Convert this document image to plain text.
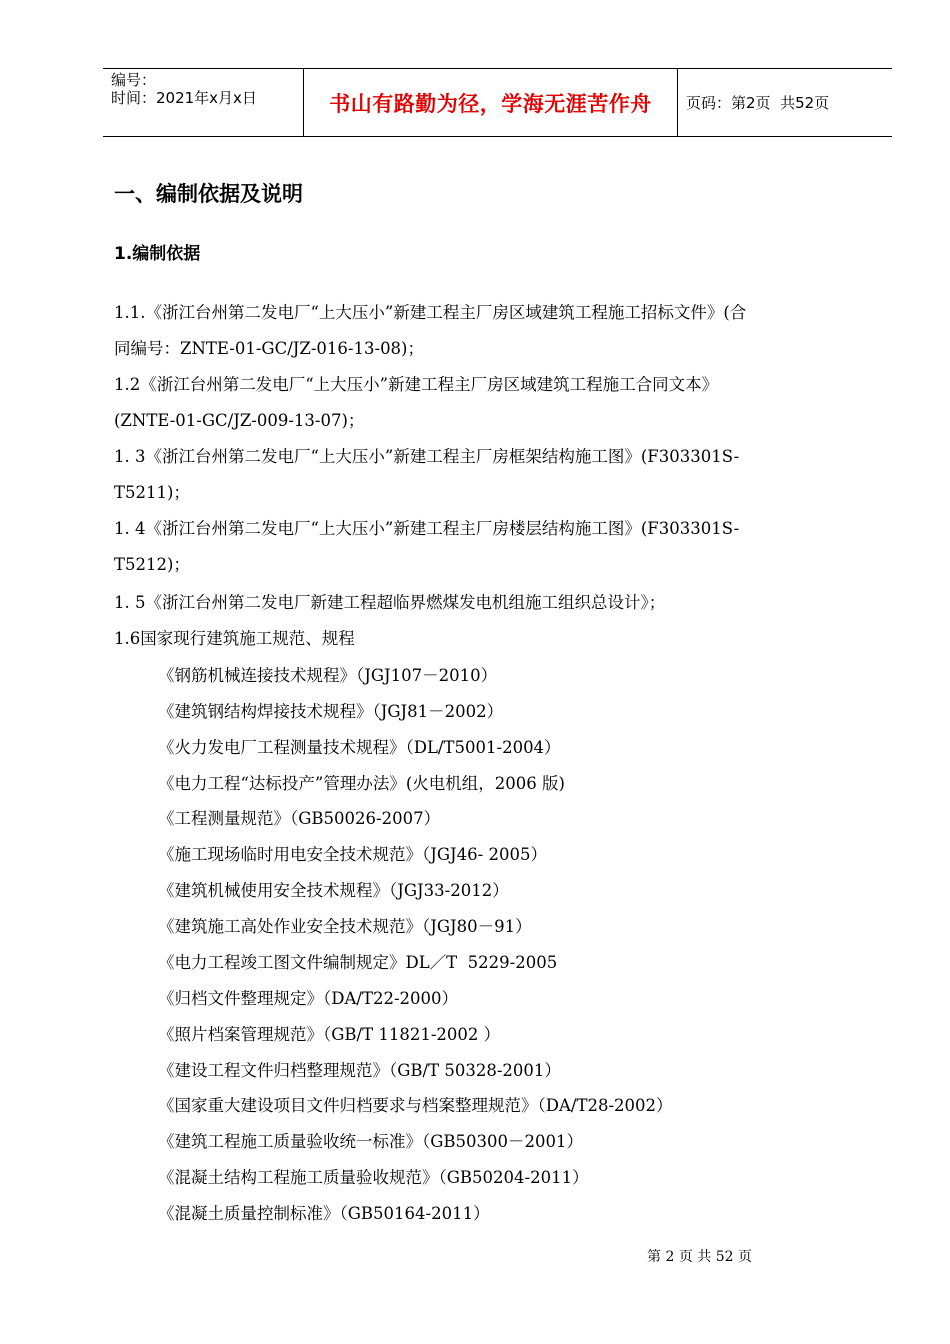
编号：
时间：2021年x月x日	书山有路勤为径，学海无涯苦作舟	页码：第2页  共52页
一、编制依据及说明
1.编制依据
1.1.《浙江台州第二发电厂“上大压小”新建工程主厂房区域建筑工程施工招标文件》(合
同编号：ZNTE-01-GC/JZ-016-13-08)；
1.2《浙江台州第二发电厂“上大压小”新建工程主厂房区域建筑工程施工合同文本》
(ZNTE-01-GC/JZ-009-13-07)；
1. 3《浙江台州第二发电厂“上大压小”新建工程主厂房框架结构施工图》(F303301S-
T5211)；
1. 4《浙江台州第二发电厂“上大压小”新建工程主厂房楼层结构施工图》(F303301S-
T5212)；
1. 5《浙江台州第二发电厂新建工程超临界燃煤发电机组施工组织总设计》；
1.6国家现行建筑施工规范、规程
《钢筋机械连接技术规程》（JGJ107－2010）
《建筑钢结构焊接技术规程》（JGJ81－2002）
《火力发电厂工程测量技术规程》（DL/T5001-2004）
《电力工程“达标投产”管理办法》(火电机组，2006 版)
《工程测量规范》（GB50026-2007）
《施工现场临时用电安全技术规范》（JGJ46- 2005）
《建筑机械使用安全技术规程》（JGJ33-2012）
《建筑施工高处作业安全技术规范》（JGJ80－91）
《电力工程竣工图文件编制规定》DL／T  5229-2005
《归档文件整理规定》（DA/T22-2000）
《照片档案管理规范》（GB/T 11821-2002 ）
《建设工程文件归档整理规范》（GB/T 50328-2001）
《国家重大建设项目文件归档要求与档案整理规范》（DA/T28-2002）
《建筑工程施工质量验收统一标准》（GB50300－2001）
《混凝土结构工程施工质量验收规范》（GB50204-2011）
《混凝土质量控制标准》（GB50164-2011）
第 2 页 共 52 页
